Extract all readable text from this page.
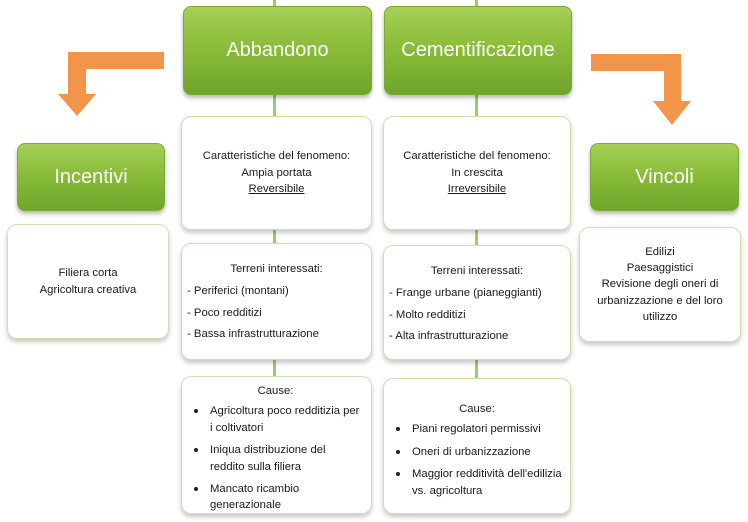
Abbandono
Caratteristiche del fenomeno:
Ampia portata
Reversibile
Terreni interessati:
- Periferici (montani)
- Poco redditizi
- Bassa infrastrutturazione
Cause:
Agricoltura poco redditizia per i coltivatori
Iniqua distribuzione del reddito sulla filiera
Mancato ricambio generazionale
Cementificazione
Caratteristiche del fenomeno:
In crescita
Irreversibile
Terreni interessati:
- Frange urbane (pianeggianti)
- Molto redditizi
- Alta infrastrutturazione
Cause:
Piani regolatori permissivi
Oneri di urbanizzazione
Maggior redditività dell'edilizia vs. agricoltura
Incentivi
Filiera corta
Agricoltura creativa
Vincoli
Edilizi
Paesaggistici
Revisione degli oneri di urbanizzazione e del loro utilizzo
